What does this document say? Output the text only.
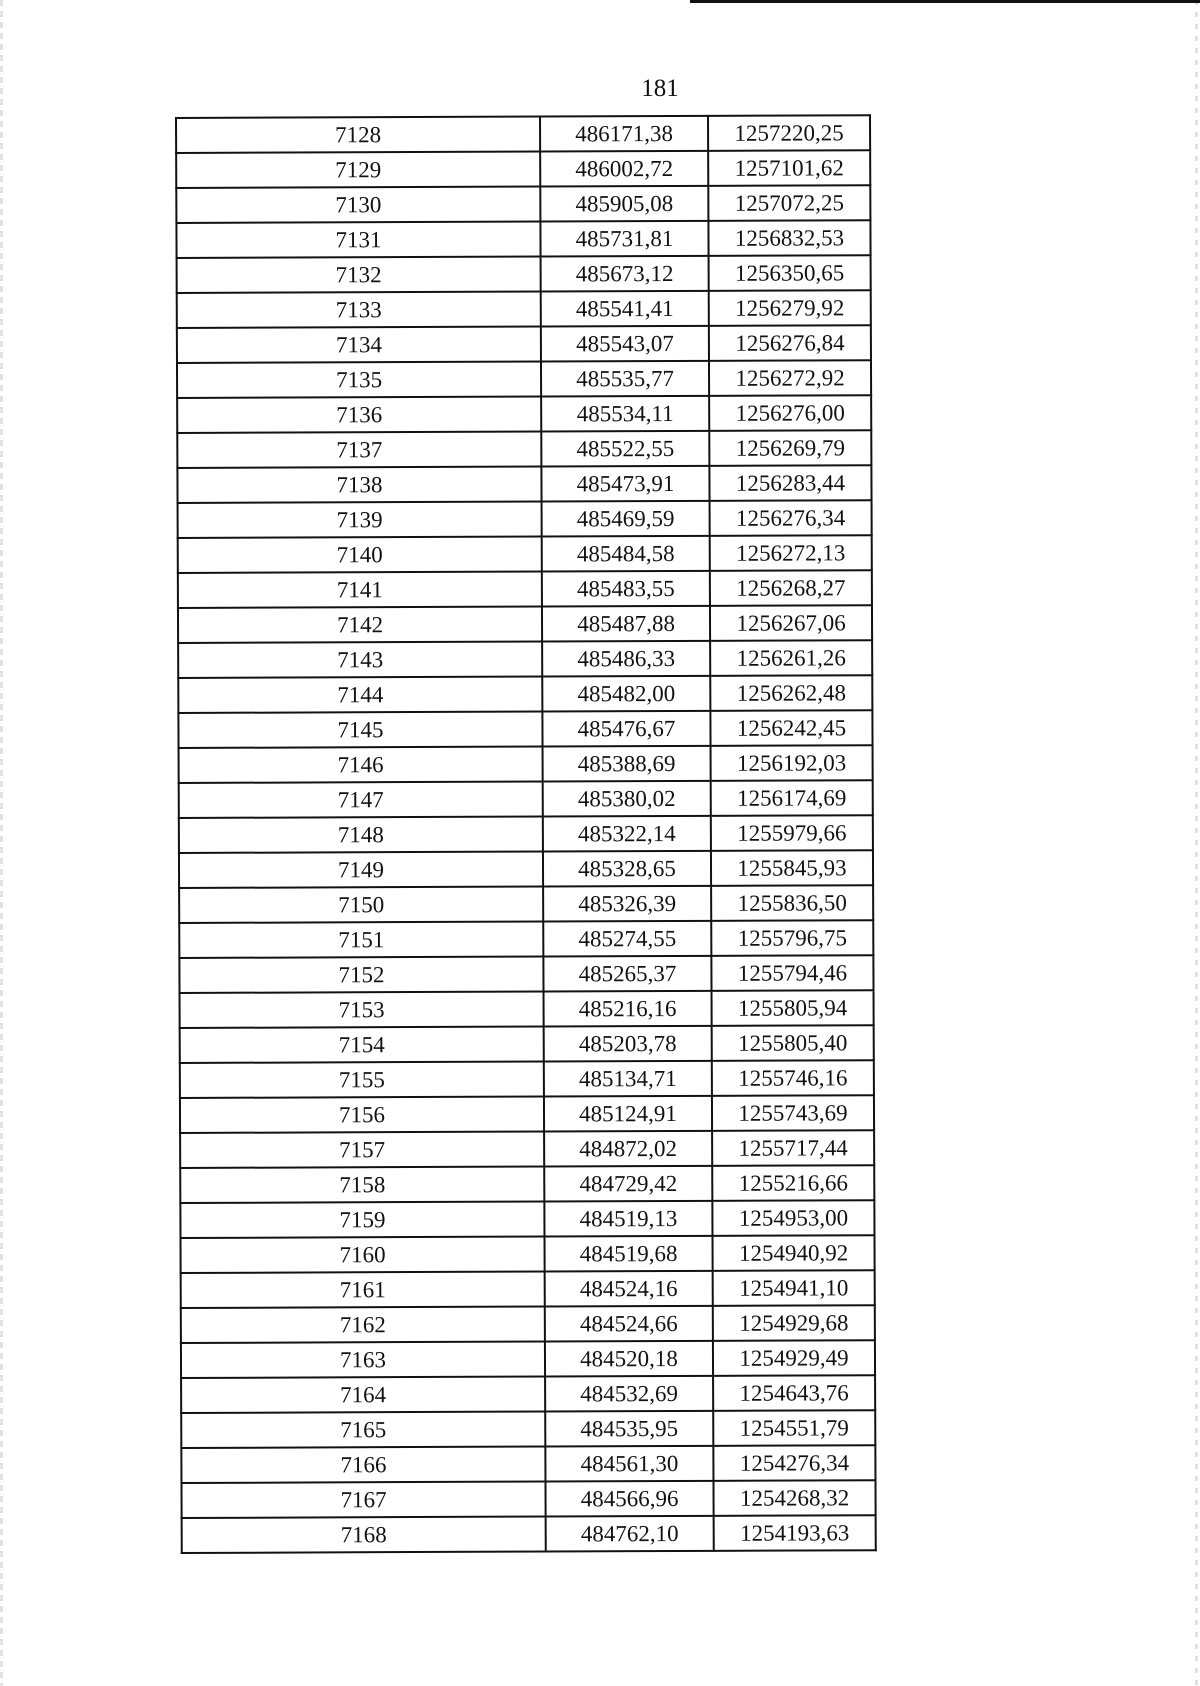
181
7128	486171,38	1257220,25
7129	486002,72	1257101,62
7130	485905,08	1257072,25
7131	485731,81	1256832,53
7132	485673,12	1256350,65
7133	485541,41	1256279,92
7134	485543,07	1256276,84
7135	485535,77	1256272,92
7136	485534,11	1256276,00
7137	485522,55	1256269,79
7138	485473,91	1256283,44
7139	485469,59	1256276,34
7140	485484,58	1256272,13
7141	485483,55	1256268,27
7142	485487,88	1256267,06
7143	485486,33	1256261,26
7144	485482,00	1256262,48
7145	485476,67	1256242,45
7146	485388,69	1256192,03
7147	485380,02	1256174,69
7148	485322,14	1255979,66
7149	485328,65	1255845,93
7150	485326,39	1255836,50
7151	485274,55	1255796,75
7152	485265,37	1255794,46
7153	485216,16	1255805,94
7154	485203,78	1255805,40
7155	485134,71	1255746,16
7156	485124,91	1255743,69
7157	484872,02	1255717,44
7158	484729,42	1255216,66
7159	484519,13	1254953,00
7160	484519,68	1254940,92
7161	484524,16	1254941,10
7162	484524,66	1254929,68
7163	484520,18	1254929,49
7164	484532,69	1254643,76
7165	484535,95	1254551,79
7166	484561,30	1254276,34
7167	484566,96	1254268,32
7168	484762,10	1254193,63
